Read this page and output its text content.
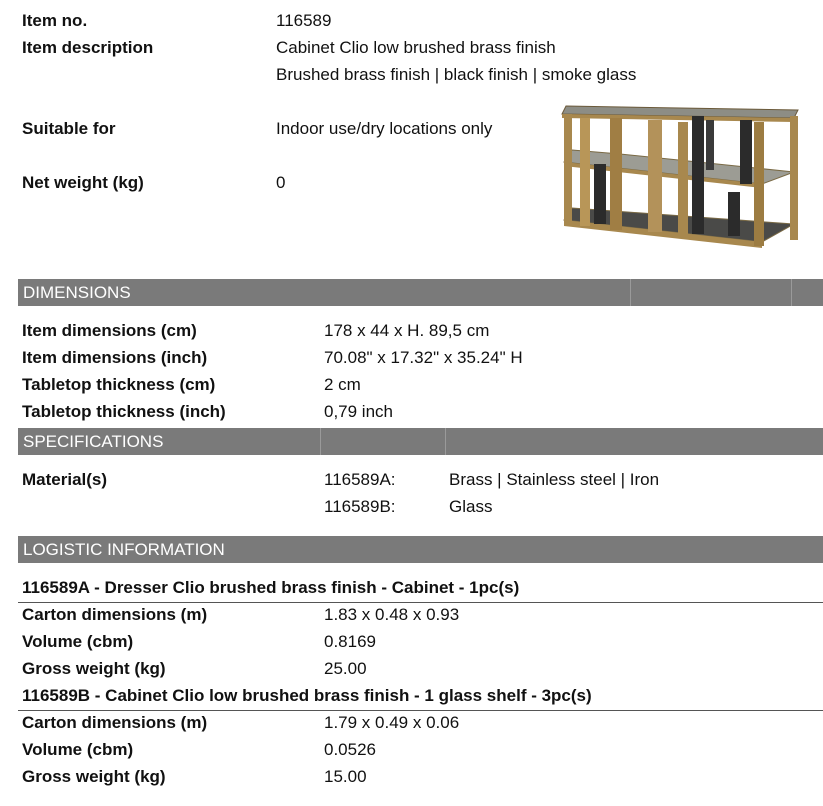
Item no.	116589
Item description	Cabinet Clio low brushed brass finish
Brushed brass finish | black finish | smoke glass
Suitable for	Indoor use/dry locations only
Net weight (kg)	0
DIMENSIONS
Item dimensions (cm)	178 x 44 x H. 89,5 cm
Item dimensions (inch)	70.08" x 17.32" x 35.24" H
Tabletop thickness (cm)	2 cm
Tabletop thickness (inch)	0,79 inch
SPECIFICATIONS
Material(s)	116589A:	Brass | Stainless steel | Iron
116589B:	Glass
LOGISTIC INFORMATION
116589A - Dresser Clio brushed brass finish - Cabinet - 1pc(s)
Carton dimensions (m)	1.83 x 0.48 x 0.93
Volume (cbm)	0.8169
Gross weight (kg)	25.00
116589B - Cabinet Clio low brushed brass finish - 1 glass shelf - 3pc(s)
Carton dimensions (m)	1.79 x 0.49 x 0.06
Volume (cbm)	0.0526
Gross weight (kg)	15.00
